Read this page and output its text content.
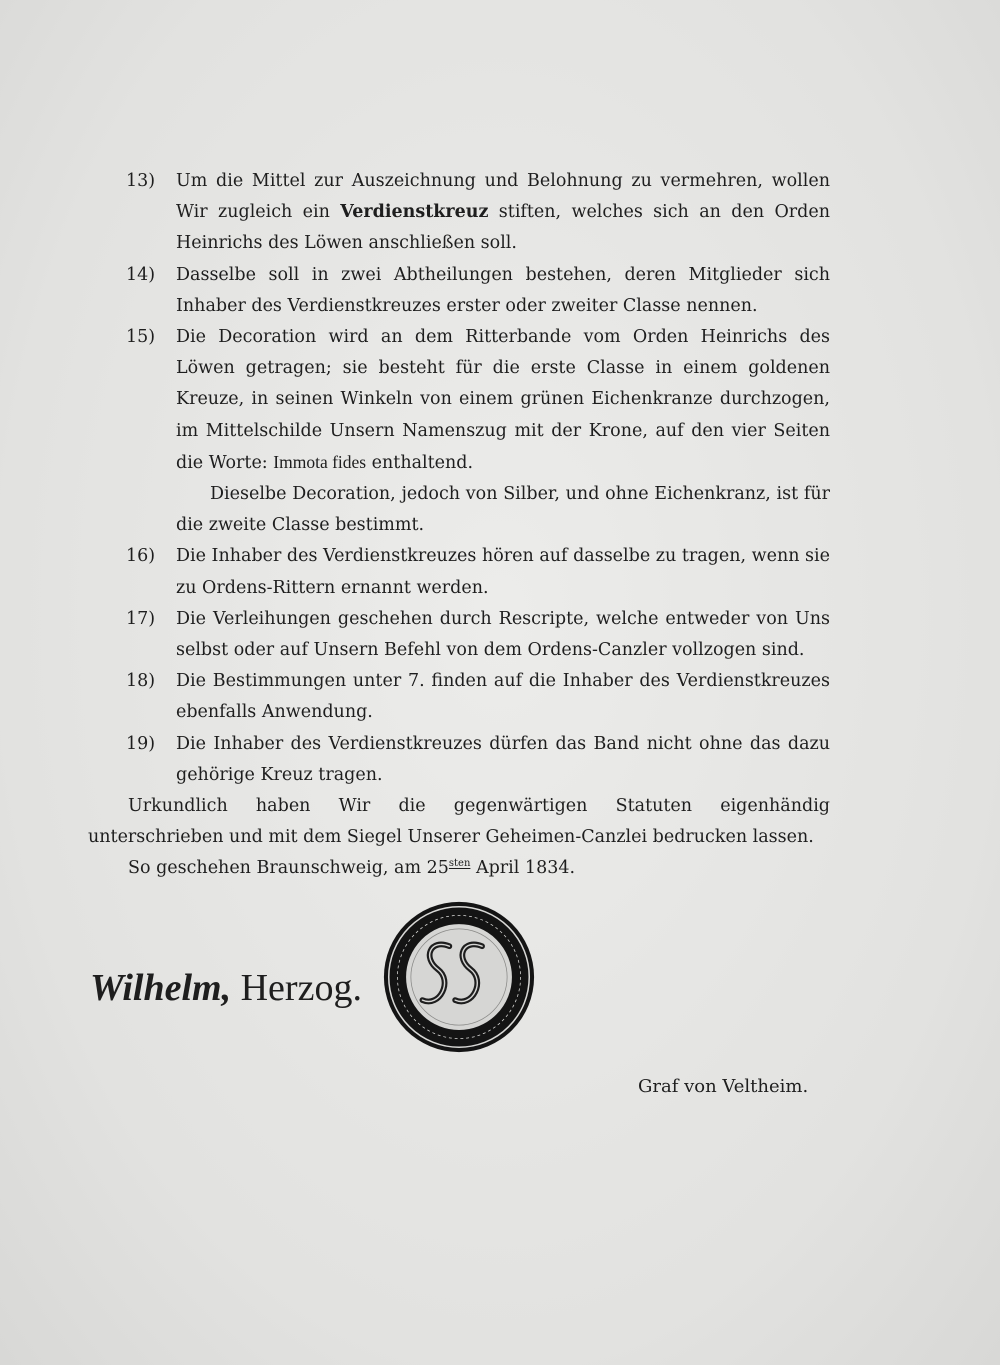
13)	Um die Mittel zur Auszeichnung und Belohnung zu vermehren, wollen Wir zugleich ein Verdienstkreuz stiften, welches sich an den Orden Heinrichs des Löwen anschließen soll.
14)	Dasselbe soll in zwei Abtheilungen bestehen, deren Mitglieder sich Inhaber des Verdienstkreuzes erster oder zweiter Classe nennen.
15)	Die Decoration wird an dem Ritterbande vom Orden Heinrichs des Löwen getragen; sie besteht für die erste Classe in einem goldenen Kreuze, in seinen Winkeln von einem grünen Eichenkranze durchzogen, im Mittelschilde Unsern Namenszug mit der Krone, auf den vier Seiten die Worte: Immota fides enthaltend.
Dieselbe Decoration, jedoch von Silber, und ohne Eichenkranz, ist für die zweite Classe bestimmt.
16)	Die Inhaber des Verdienstkreuzes hören auf dasselbe zu tragen, wenn sie zu Ordens-Rittern ernannt werden.
17)	Die Verleihungen geschehen durch Rescripte, welche entweder von Uns selbst oder auf Unsern Befehl von dem Ordens-Canzler vollzogen sind.
18)	Die Bestimmungen unter 7. finden auf die Inhaber des Verdienstkreuzes ebenfalls Anwendung.
19)	Die Inhaber des Verdienstkreuzes dürfen das Band nicht ohne das dazu gehörige Kreuz tragen.
Urkundlich haben Wir die gegenwärtigen Statuten eigenhändig unterschrieben und mit dem Siegel Unserer Geheimen-Canzlei bedrucken lassen.
So geschehen Braunschweig, am $25^{sten}$ April 1834.
Wilhelm, Herzog.
Graf von Veltheim.
